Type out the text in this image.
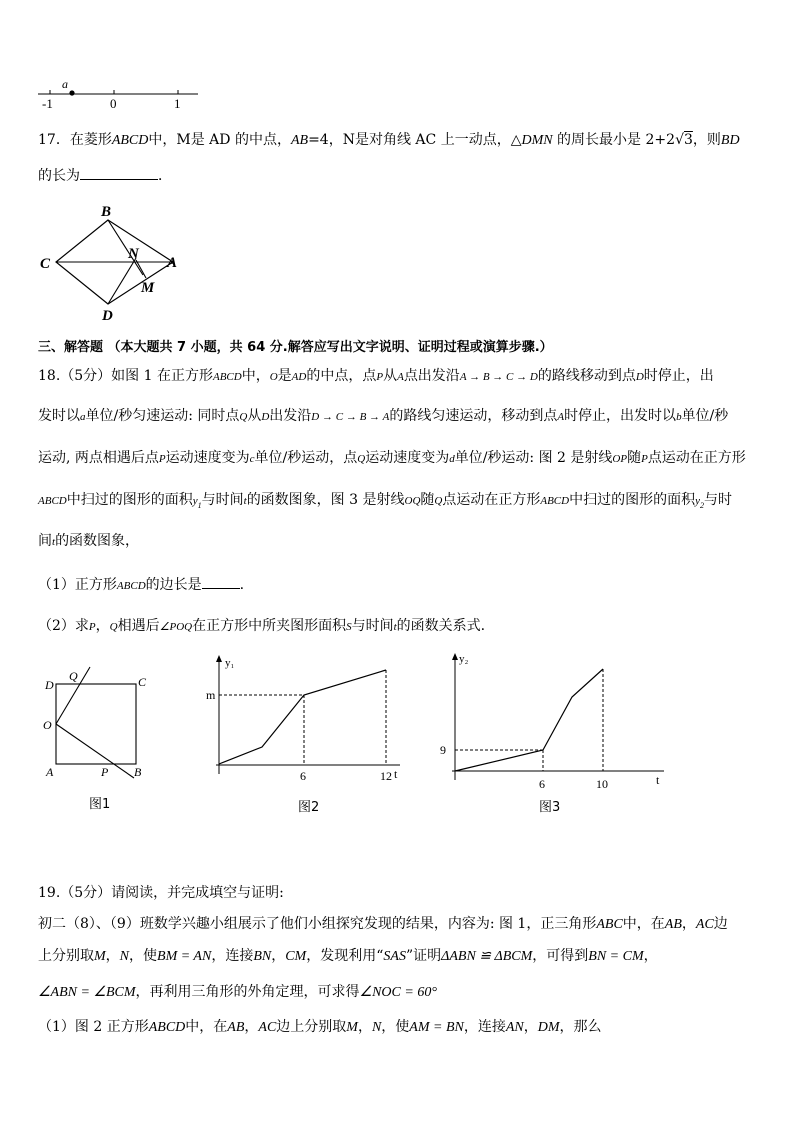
a
-1	0	1
17．在菱形ABCD中，M是 AD 的中点，AB=4，N是对角线 AC 上一动点，△DMN 的周长最小是 2+2√3，则BD
的长为	．
B
C
N
A
M
D
三、解答题 （本大题共 7 小题，共 64 分.解答应写出文字说明、证明过程或演算步骤.）
18.（5分）如图 1 在正方形ABCD中，O是AD的中点，点P从A点出发沿A → B → C → D的路线移动到点D时停止，出
发时以a单位/秒匀速运动: 同时点Q从D出发沿D → C → B → A的路线匀速运动，移动到点A时停止，出发时以b单位/秒
运动, 两点相遇后点P运动速度变为c单位/秒运动，点Q运动速度变为d单位/秒运动: 图 2 是射线OP随P点运动在正方形
ABCD中扫过的图形的面积$y_1$与时间t的函数图象，图 3 是射线OQ随Q点运动在正方形ABCD中扫过的图形的面积$y_2$与时
间t的函数图象，
（1）正方形ABCD的边长是	.
（2）求P，Q相遇后∠POQ在正方形中所夹图形面积S与时间t的函数关系式.
D
Q	C
O
A	P B
图1
y₁
m
6	12 t
图2
y₂
9
6	10	t
图3
19.（5分）请阅读，并完成填空与证明:
初二（8）、（9）班数学兴趣小组展示了他们小组探究发现的结果，内容为: 图 1，正三角形ABC中，在AB，AC边
上分别取M，N，使BM = AN，连接BN，CM，发现利用“SAS”证明ΔABN ≌ ΔBCM，可得到BN = CM，
∠ABN = ∠BCM，再利用三角形的外角定理，可求得∠NOC = 60°
（1）图 2 正方形ABCD中，在AB，AC边上分别取M，N，使AM = BN，连接AN，DM，那么
